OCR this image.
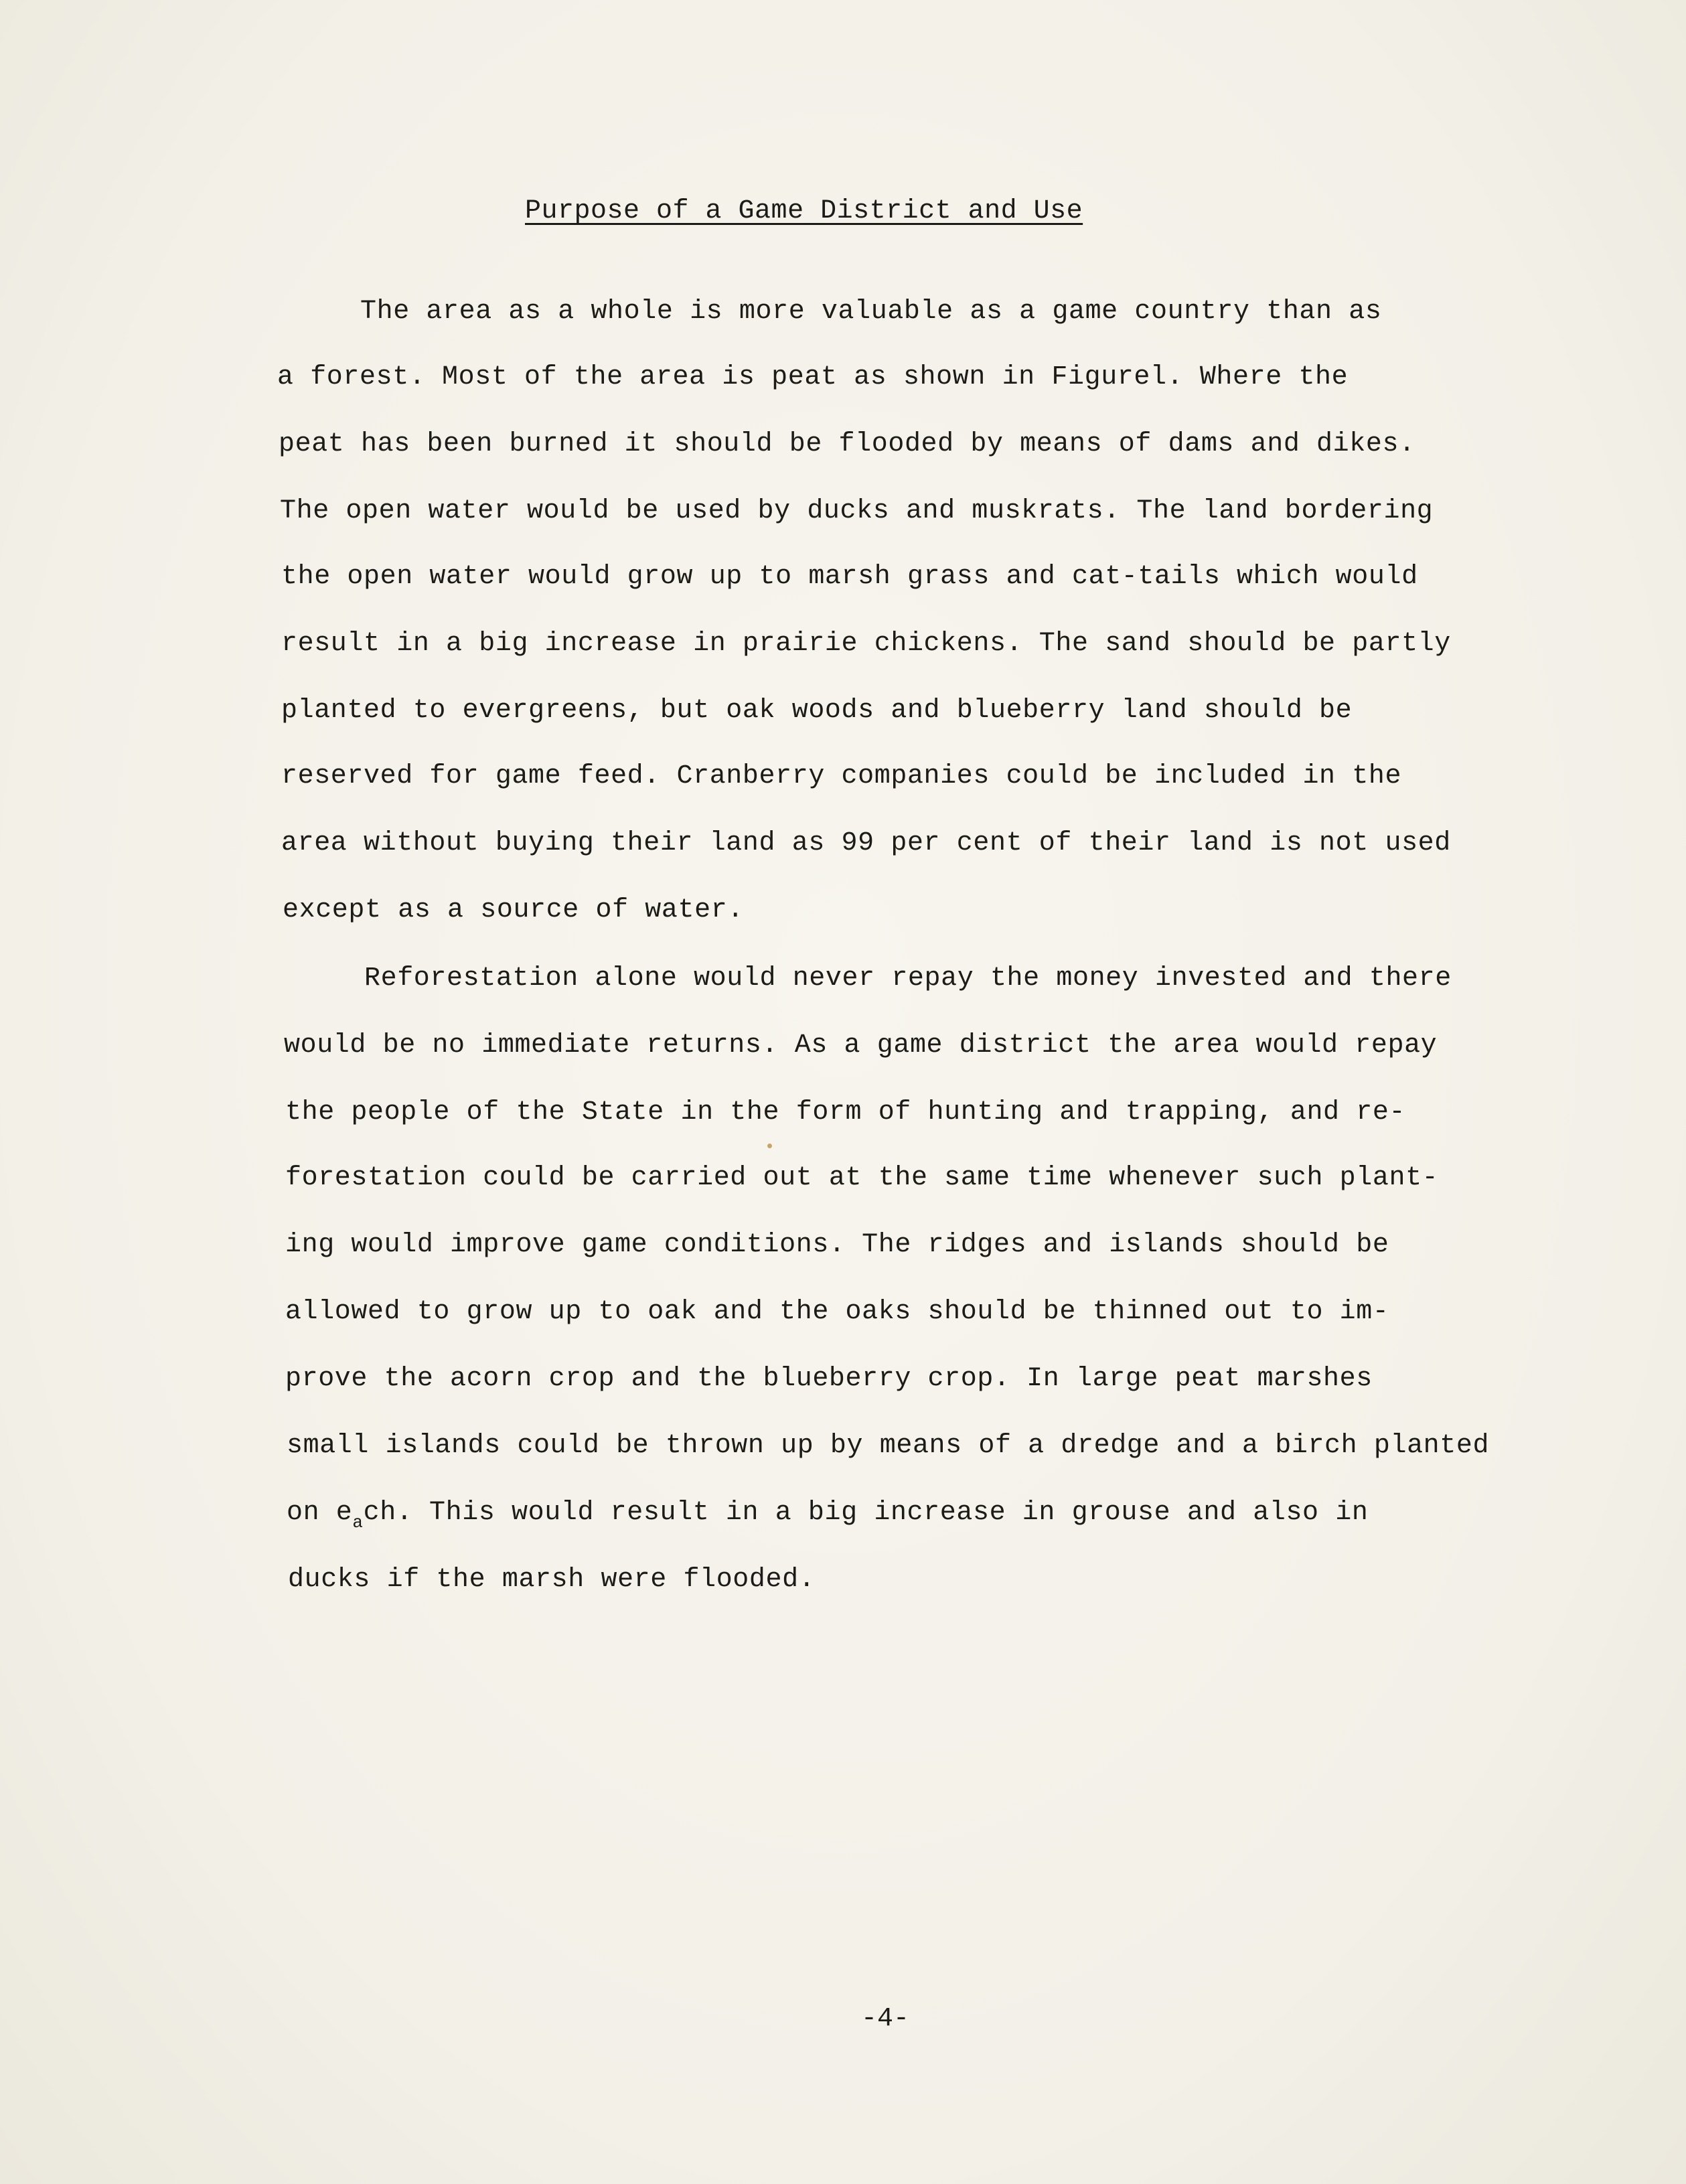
Purpose of a Game District and Use
The area as a whole is more valuable as a game country than as
a forest. Most of the area is peat as shown in Figurel. Where the
peat has been burned it should be flooded by means of dams and dikes.
The open water would be used by ducks and muskrats. The land bordering
the open water would grow up to marsh grass and cat-tails which would
result in a big increase in prairie chickens. The sand should be partly
planted to evergreens, but oak woods and blueberry land should be
reserved for game feed. Cranberry companies could be included in the
area without buying their land as 99 per cent of their land is not used
except as a source of water.
Reforestation alone would never repay the money invested and there
would be no immediate returns. As a game district the area would repay
the people of the State in the form of hunting and trapping, and re-
forestation could be carried out at the same time whenever such plant-
ing would improve game conditions. The ridges and islands should be
allowed to grow up to oak and the oaks should be thinned out to im-
prove the acorn crop and the blueberry crop. In large peat marshes
small islands could be thrown up by means of a dredge and a birch planted
on $e_ach$. This would result in a big increase in grouse and also in
ducks if the marsh were flooded.
-4-
